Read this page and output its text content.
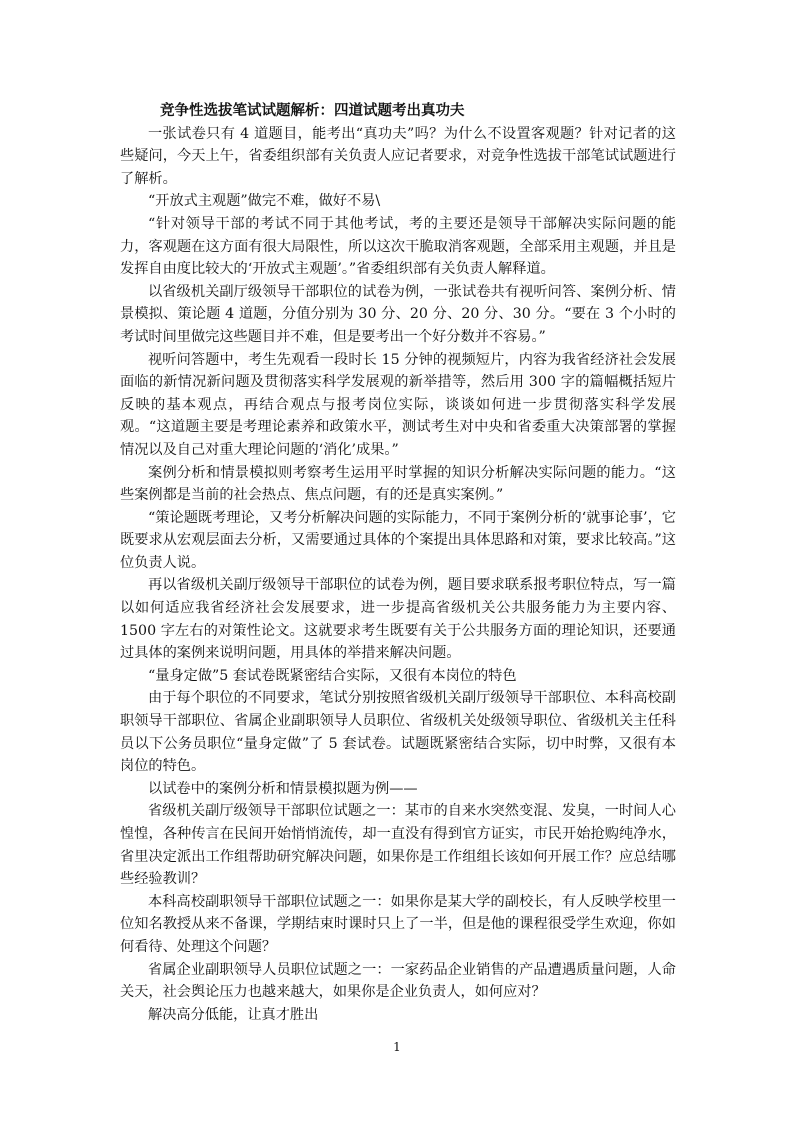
竞争性选拔笔试试题解析：四道试题考出真功夫

一张试卷只有 4 道题目，能考出“真功夫”吗？为什么不设置客观题？针对记者的这些疑问，今天上午，省委组织部有关负责人应记者要求，对竞争性选拔干部笔试试题进行了解析。

“开放式主观题”做完不难，做好不易\

“针对领导干部的考试不同于其他考试，考的主要还是领导干部解决实际问题的能力，客观题在这方面有很大局限性，所以这次干脆取消客观题，全部采用主观题，并且是发挥自由度比较大的‘开放式主观题’。”省委组织部有关负责人解释道。

以省级机关副厅级领导干部职位的试卷为例，一张试卷共有视听问答、案例分析、情景模拟、策论题 4 道题，分值分别为 30 分、20 分、20 分、30 分。“要在 3 个小时的考试时间里做完这些题目并不难，但是要考出一个好分数并不容易。”

视听问答题中，考生先观看一段时长 15 分钟的视频短片，内容为我省经济社会发展面临的新情况新问题及贯彻落实科学发展观的新举措等，然后用 300 字的篇幅概括短片反映的基本观点，再结合观点与报考岗位实际，谈谈如何进一步贯彻落实科学发展观。“这道题主要是考理论素养和政策水平，测试考生对中央和省委重大决策部署的掌握情况以及自己对重大理论问题的‘消化’成果。”

案例分析和情景模拟则考察考生运用平时掌握的知识分析解决实际问题的能力。“这些案例都是当前的社会热点、焦点问题，有的还是真实案例。”

“策论题既考理论，又考分析解决问题的实际能力，不同于案例分析的‘就事论事’，它既要求从宏观层面去分析，又需要通过具体的个案提出具体思路和对策，要求比较高。”这位负责人说。

再以省级机关副厅级领导干部职位的试卷为例，题目要求联系报考职位特点，写一篇以如何适应我省经济社会发展要求，进一步提高省级机关公共服务能力为主要内容、1500 字左右的对策性论文。这就要求考生既要有关于公共服务方面的理论知识，还要通过具体的案例来说明问题，用具体的举措来解决问题。

“量身定做”5 套试卷既紧密结合实际，又很有本岗位的特色

由于每个职位的不同要求，笔试分别按照省级机关副厅级领导干部职位、本科高校副职领导干部职位、省属企业副职领导人员职位、省级机关处级领导职位、省级机关主任科员以下公务员职位“量身定做”了 5 套试卷。试题既紧密结合实际，切中时弊，又很有本岗位的特色。

以试卷中的案例分析和情景模拟题为例——

省级机关副厅级领导干部职位试题之一：某市的自来水突然变混、发臭，一时间人心惶惶，各种传言在民间开始悄悄流传，却一直没有得到官方证实，市民开始抢购纯净水，省里决定派出工作组帮助研究解决问题，如果你是工作组组长该如何开展工作？应总结哪些经验教训？

本科高校副职领导干部职位试题之一：如果你是某大学的副校长，有人反映学校里一位知名教授从来不备课，学期结束时课时只上了一半，但是他的课程很受学生欢迎，你如何看待、处理这个问题？

省属企业副职领导人员职位试题之一：一家药品企业销售的产品遭遇质量问题，人命关天，社会舆论压力也越来越大，如果你是企业负责人，如何应对？

解决高分低能，让真才胜出

1
